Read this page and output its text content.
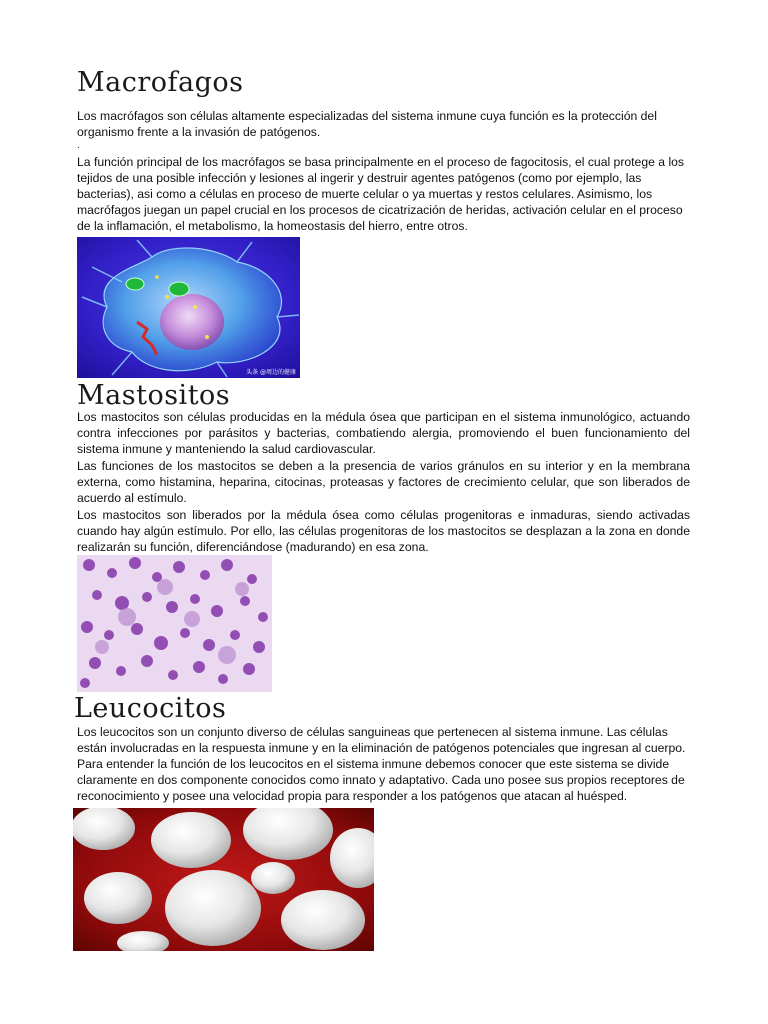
Macrofagos

Los macrófagos son células altamente especializadas del sistema inmune cuya función es la protección del organismo frente a la invasión de patógenos.

.

La función principal de los macrófagos se basa principalmente en el proceso de fagocitosis, el cual protege a los tejidos de una posible infección y lesiones al ingerir y destruir agentes patógenos (como por ejemplo, las bacterias), asi como a células en proceso de muerte celular o ya muertas y restos celulares. Asimismo, los macrófagos juegan un papel crucial en los procesos de cicatrización de heridas, activación celular en el proceso de la inflamación, el metabolismo, la homeostasis del hierro, entre otros.

头条 @周边的健康
Mastositos

Los mastocitos son células producidas en la médula ósea que participan en el sistema inmunológico, actuando contra infecciones por parásitos y bacterias, combatiendo alergia, promoviendo el buen funcionamiento del sistema inmune y manteniendo la salud cardiovascular.

Las funciones de los mastocitos se deben a la presencia de varios gránulos en su interior y en la membrana externa, como histamina, heparina, citocinas, proteasas y factores de crecimiento celular, que son liberados de acuerdo al estímulo.

Los mastocitos son liberados por la médula ósea como células progenitoras e inmaduras, siendo activadas cuando hay algún estímulo. Por ello, las células progenitoras de los mastocitos se desplazan a la zona en donde realizarán su función, diferenciándose (madurando) en esa zona.

Leucocitos

Los leucocitos son un conjunto diverso de células sanguineas que pertenecen al sistema inmune. Las células están involucradas en la respuesta inmune y en la eliminación de patógenos potenciales que ingresan al cuerpo. Para entender la función de los leucocitos en el sistema inmune debemos conocer que este sistema se divide claramente en dos componente conocidos como innato y adaptativo. Cada uno posee sus propios receptores de reconocimiento y posee una velocidad propia para responder a los patógenos que atacan al huésped.
